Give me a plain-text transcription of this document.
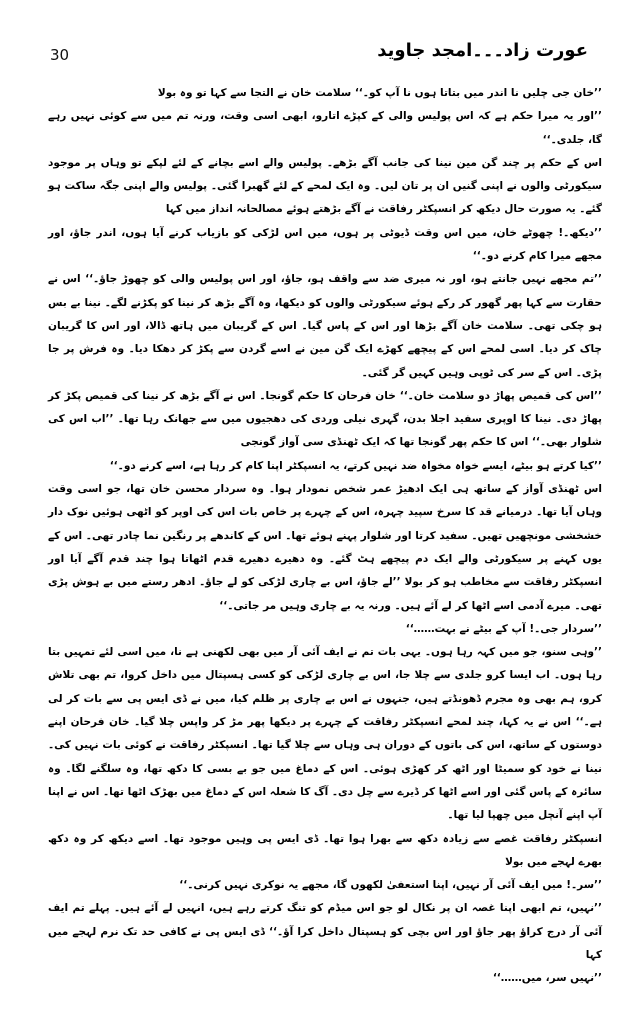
30	عورت زاد۔۔۔امجد جاوید

’’خان جی چلیں نا اندر میں بتاتا ہوں نا آپ کو۔‘‘ سلامت خان نے التجا سے کہا تو وہ بولا

’’اور یہ میرا حکم ہے کہ اس پولیس والی کے کپڑے اتارو، ابھی اسی وقت، ورنہ تم میں سے کوئی نہیں رہے گا، جلدی۔‘‘

اس کے حکم پر چند گن مین نینا کی جانب آگے بڑھے۔ پولیس والے اسے بچانے کے لئے لپکے تو وہاں پر موجود سیکورٹی والوں نے اپنی گنیں ان پر تان لیں۔ وہ ایک لمحے کے لئے گھبرا گئی۔ پولیس والے اپنی جگہ ساکت ہو گئے۔ یہ صورت حال دیکھ کر انسپکٹر رفاقت نے آگے بڑھتے ہوئے مصالحانہ انداز میں کہا

’’دیکھ۔! چھوٹے خان، میں اس وقت ڈیوٹی پر ہوں، میں اس لڑکی کو بازیاب کرنے آیا ہوں، اندر جاؤ، اور مجھے میرا کام کرنے دو۔‘‘

’’تم مجھے نہیں جانتے ہو، اور نہ میری ضد سے واقف ہو، جاؤ، اور اس پولیس والی کو چھوڑ جاؤ۔‘‘ اس نے حقارت سے کہا پھر گھور کر رکے ہوئے سیکورٹی والوں کو دیکھا، وہ آگے بڑھ کر نینا کو پکڑنے لگے۔ نینا بے بس ہو چکی تھی۔ سلامت خان آگے بڑھا اور اس کے پاس گیا۔ اس کے گریبان میں ہاتھ ڈالا، اور اس کا گریبان چاک کر دیا۔ اسی لمحے اس کے پیچھے کھڑے ایک گن مین نے اسے گردن سے پکڑ کر دھکا دیا۔ وہ فرش پر جا پڑی۔ اس کے سر کی ٹوپی وہیں کہیں گر گئی۔

’’اس کی قمیص پھاڑ دو سلامت خان۔‘‘ خان فرحان کا حکم گونجا۔ اس نے آگے بڑھ کر نینا کی قمیص پکڑ کر پھاڑ دی۔ نینا کا اوپری سفید اجلا بدن، گہری نیلی وردی کی دھجیوں میں سے جھانک رہا تھا۔ ’’اب اس کی شلوار بھی۔‘‘ اس کا حکم پھر گونجا تھا کہ ایک ٹھنڈی سی آواز گونجی

’’کیا کرتے ہو بیٹے، ایسے خواہ مخواہ ضد نہیں کرتے، یہ انسپکٹر اپنا کام کر رہا ہے، اسے کرنے دو۔‘‘

اس ٹھنڈی آواز کے ساتھ ہی ایک ادھیڑ عمر شخص نمودار ہوا۔ وہ سردار محسن خان تھا، جو اسی وقت وہاں آیا تھا۔ درمیانے قد کا سرخ سپید چہرہ، اس کے چہرے پر خاص بات اس کی اوپر کو اٹھی ہوئیں نوک دار خشخشی مونچھیں تھیں۔ سفید کرتا اور شلوار پہنے ہوئے تھا۔ اس کے کاندھے پر رنگین نما چادر تھی۔ اس کے یوں کہنے پر سیکورٹی والے ایک دم پیچھے ہٹ گئے۔ وہ دھیرے دھیرے قدم اٹھاتا ہوا چند قدم آگے آیا اور انسپکٹر رفاقت سے مخاطب ہو کر بولا ’’لے جاؤ، اس بے چاری لڑکی کو لے جاؤ۔ ادھر رستے میں بے ہوش پڑی تھی۔ میرے آدمی اسے اٹھا کر لے آئے ہیں۔ ورنہ یہ بے چاری وہیں مر جاتی۔‘‘

’’سردار جی۔! آپ کے بیٹے نے بہت……‘‘

’’وہی سنو، جو میں کہہ رہا ہوں۔ یہی بات تم نے ایف آئی آر میں بھی لکھنی ہے نا، میں اسی لئے تمہیں بتا رہا ہوں۔ اب ایسا کرو جلدی سے چلا جا، اس بے چاری لڑکی کو کسی ہسپتال میں داخل کروا، تم بھی تلاش کرو، ہم بھی وہ مجرم ڈھونڈتے ہیں، جنہوں نے اس بے چاری پر ظلم کیا، میں نے ڈی ایس پی سے بات کر لی ہے۔‘‘ اس نے یہ کہا، چند لمحے انسپکٹر رفاقت کے چہرے پر دیکھا پھر مڑ کر واپس چلا گیا۔ خان فرحان اپنے دوستوں کے ساتھ، اس کی باتوں کے دوران ہی وہاں سے چلا گیا تھا۔ انسپکٹر رفاقت نے کوئی بات نہیں کی۔ نینا نے خود کو سمیٹا اور اٹھ کر کھڑی ہوئی۔ اس کے دماغ میں جو بے بسی کا دکھ تھا، وہ سلگنے لگا۔ وہ سائرہ کے پاس گئی اور اسے اٹھا کر ڈیرے سے چل دی۔ آگ کا شعلہ اس کے دماغ میں بھڑک اٹھا تھا۔ اس نے اپنا آپ اپنے آنچل میں چھپا لیا تھا۔

انسپکٹر رفاقت غصے سے زیادہ دکھ سے بھرا ہوا تھا۔ ڈی ایس پی وہیں موجود تھا۔ اسے دیکھ کر وہ دکھ بھرے لہجے میں بولا

’’سر۔! میں ایف آئی آر نہیں، اپنا استعفیٰ لکھوں گا، مجھے یہ نوکری نہیں کرنی۔‘‘

’’نہیں، تم ابھی اپنا غصہ ان پر نکال لو جو اس میڈم کو تنگ کرتے رہے ہیں، انہیں لے آئے ہیں۔ پہلے تم ایف آئی آر درج کراؤ پھر جاؤ اور اس بچی کو ہسپتال داخل کرا آؤ۔‘‘ ڈی ایس پی نے کافی حد تک نرم لہجے میں کہا

’’نہیں سر، میں……‘‘
